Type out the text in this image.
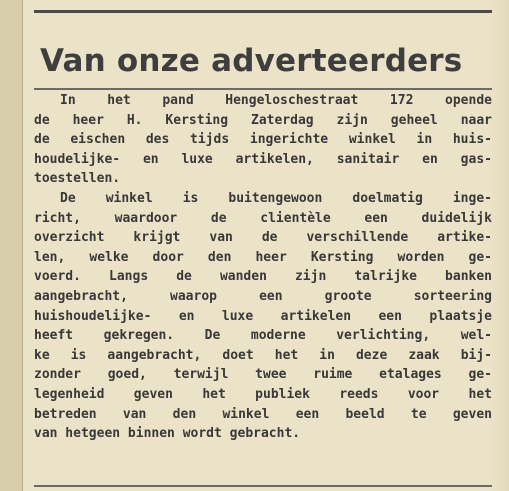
Van onze adverteerders

In het pand Hengeloschestraat 172 opende
de heer H. Kersting Zaterdag zijn geheel naar
de eischen des tijds ingerichte winkel in huis-
houdelijke- en luxe artikelen, sanitair en gas-
toestellen.

De winkel is buitengewoon doelmatig inge-
richt, waardoor de clientèle een duidelijk
overzicht krijgt van de verschillende artike-
len, welke door den heer Kersting worden ge-
voerd. Langs de wanden zijn talrijke banken
aangebracht, waarop een groote sorteering
huishoudelijke- en luxe artikelen een plaatsje
heeft gekregen. De moderne verlichting, wel-
ke is aangebracht, doet het in deze zaak bij-
zonder goed, terwijl twee ruime etalages ge-
legenheid geven het publiek reeds voor het
betreden van den winkel een beeld te geven
van hetgeen binnen wordt gebracht.
